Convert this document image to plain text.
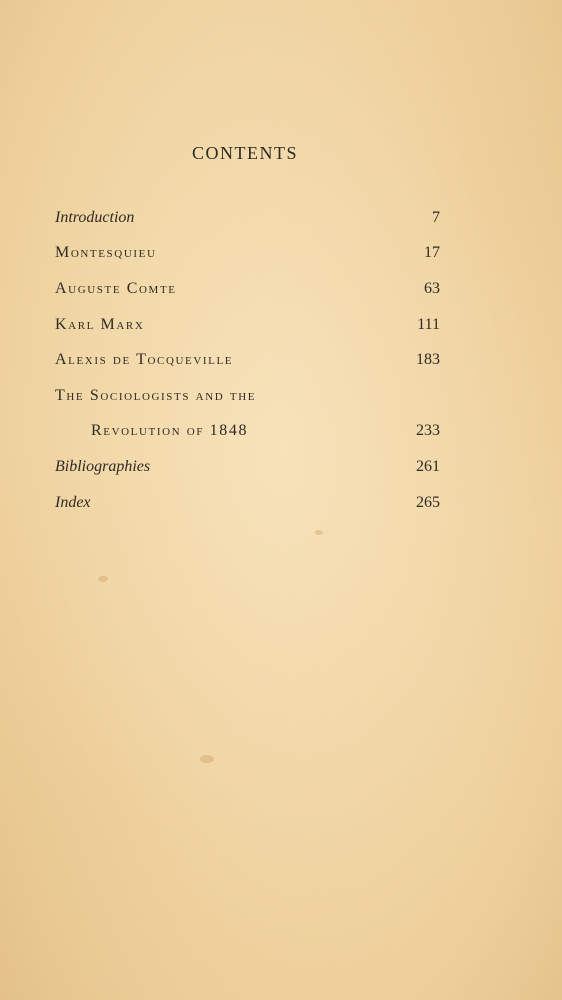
CONTENTS
Introduction	7
Montesquieu	17
Auguste Comte	63
Karl Marx	111
Alexis de Tocqueville	183
The Sociologists and the
Revolution of 1848	233
Bibliographies	261
Index	265
